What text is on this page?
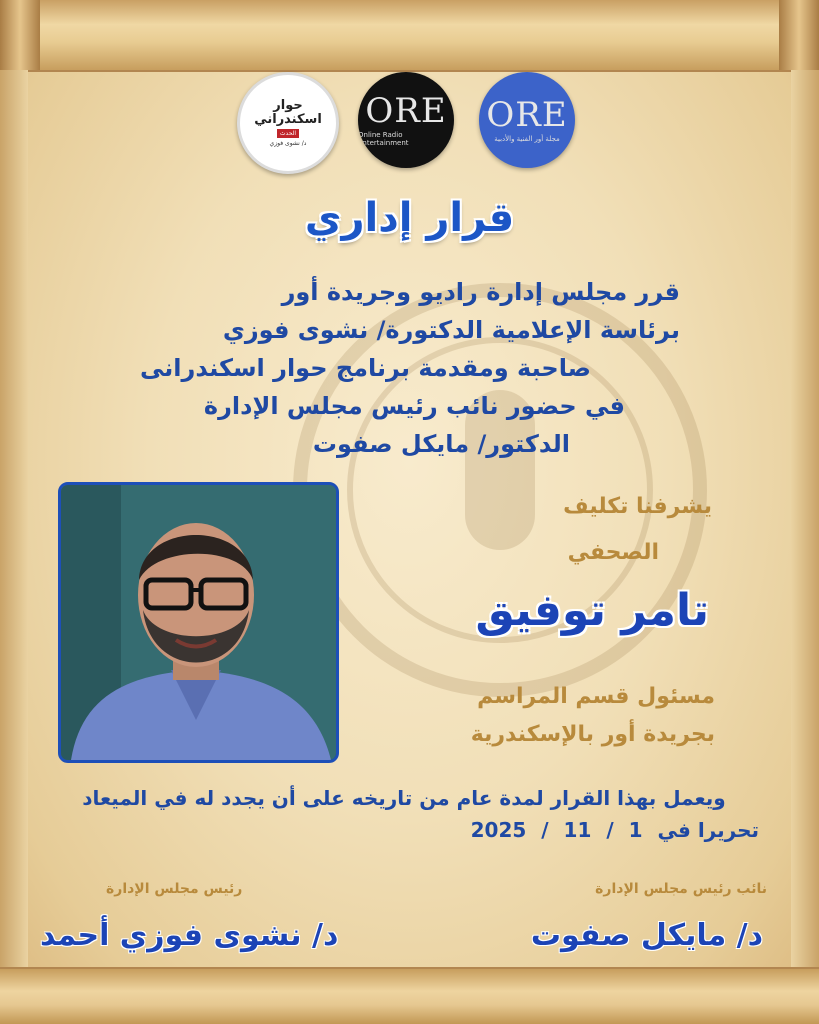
حوار اسكندراني
الحدث
د/ نشوى فوزي
ORE
Online Radio Entertainment
ORE
مجلة أور الفنية والأدبية
قرار إداري
قرر مجلس إدارة راديو وجريدة أور
برئاسة الإعلامية الدكتورة/ نشوى فوزي
صاحبة ومقدمة برنامج حوار اسكندرانى
في حضور نائب رئيس مجلس الإدارة
الدكتور/ مايكل صفوت
يشرفنا تكليف
الصحفي
تامر توفيق
مسئول قسم المراسم
بجريدة أور بالإسكندرية
ويعمل بهذا القرار لمدة عام من تاريخه على أن يجدد له في الميعاد
تحريرا في 1 / 11 / 2025
نائب رئيس مجلس الإدارة
د/ مايكل صفوت
رئيس مجلس الإدارة
د/ نشوى فوزي أحمد
